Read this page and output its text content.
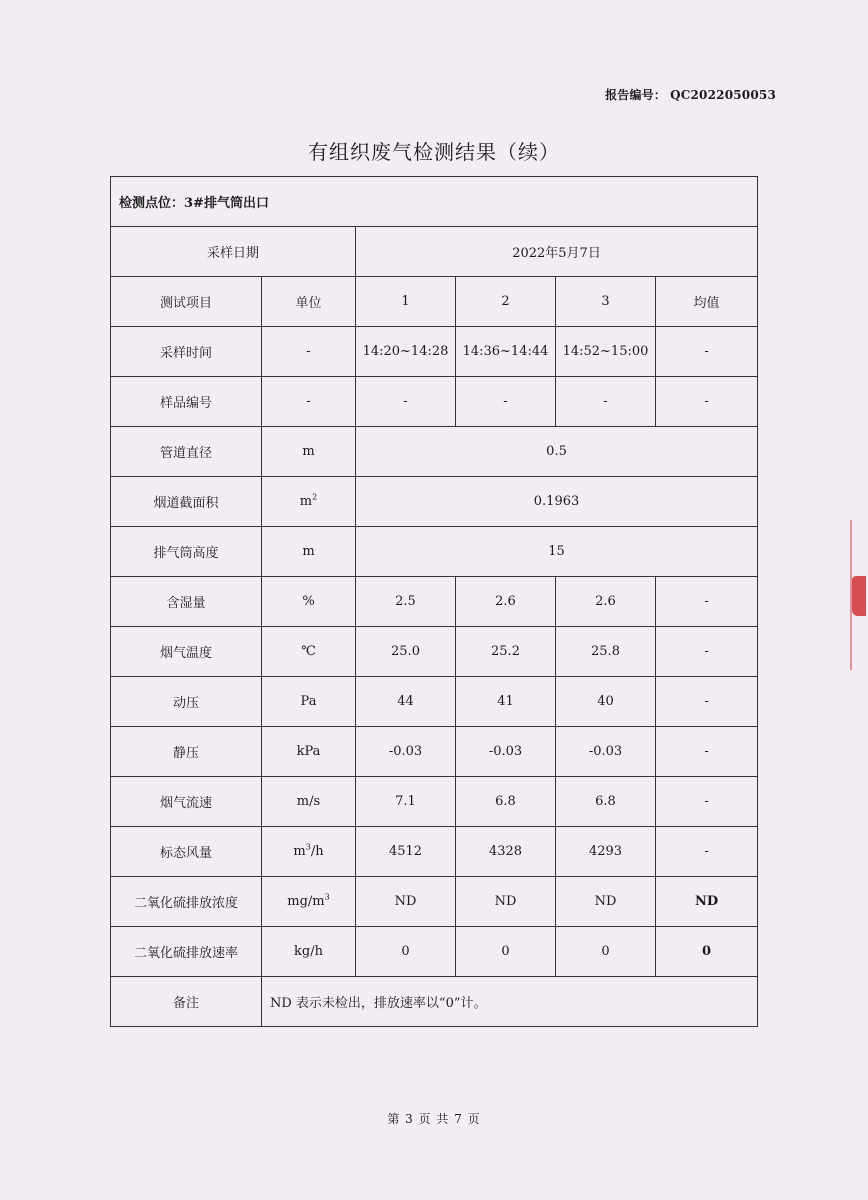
报告编号： QC2022050053
有组织废气检测结果（续）
检测点位：3#排气筒出口					
采样日期		2022年5月7日			
测试项目	单位	1	2	3	均值
采样时间	-	14:20~14:28	14:36~14:44	14:52~15:00	-
样品编号	-	-	-	-	-
管道直径	m	0.5			
烟道截面积	$m^2$	0.1963			
排气筒高度	m	15			
含湿量	%	2.5	2.6	2.6	-
烟气温度	℃	25.0	25.2	25.8	-
动压	Pa	44	41	40	-
静压	kPa	-0.03	-0.03	-0.03	-
烟气流速	m/s	7.1	6.8	6.8	-
标态风量	$m^3/h$	4512	4328	4293	-
二氧化硫排放浓度	$mg/m^3$	ND	ND	ND	ND
二氧化硫排放速率	kg/h	0	0	0	0
备注	ND 表示未检出，排放速率以“0”计。				
第 3 页 共 7 页
